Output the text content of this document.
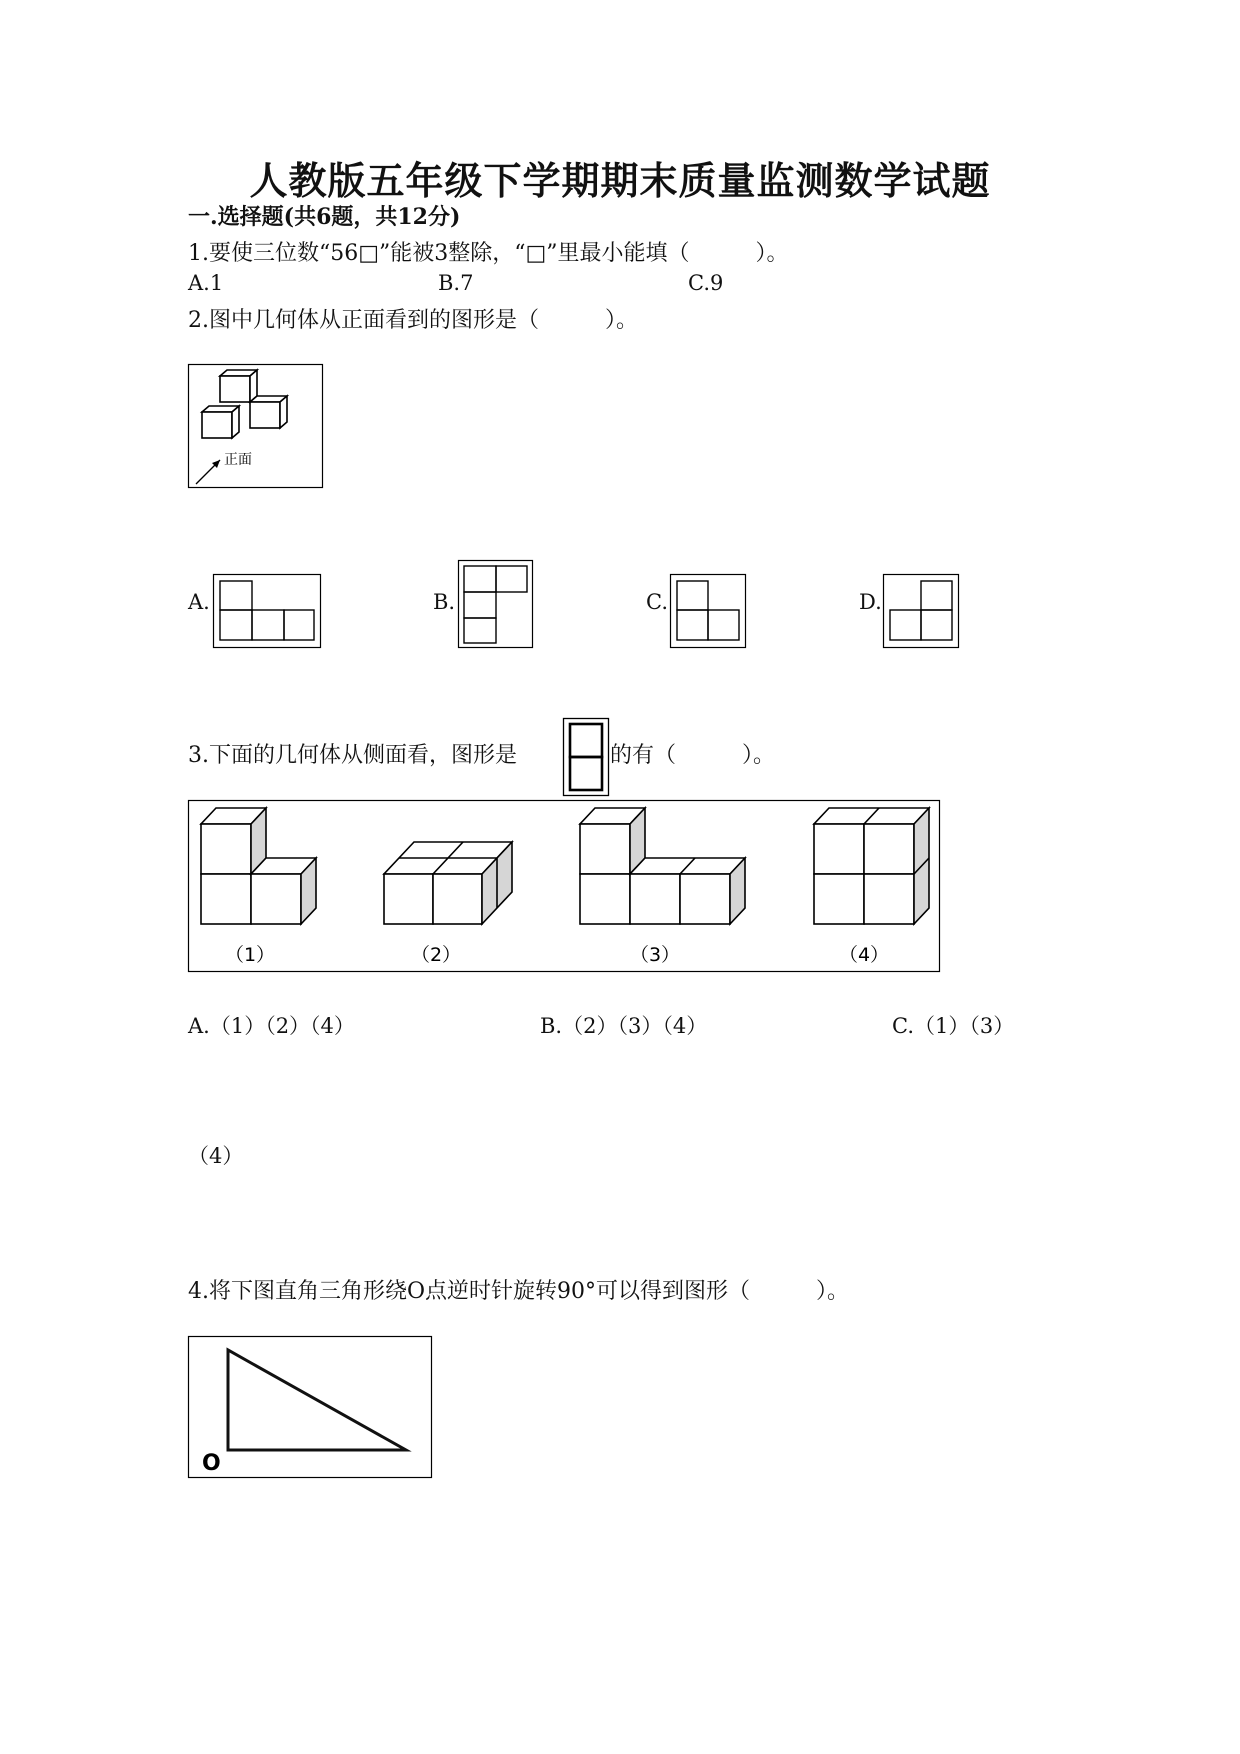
人教版五年级下学期期末质量监测数学试题
一.选择题(共6题，共12分)
1.要使三位数“56□”能被3整除，“□”里最小能填（　　　）。
A.1	B.7	C.9
2.图中几何体从正面看到的图形是（　　　）。
正面
A.	B.	C.	D.
3.下面的几何体从侧面看，图形是	的有（　　　）。
（1）	（2）	（3）	（4）
A.（1）（2）（4）	B.（2）（3）（4）	C.（1）（3）
（4）
4.将下图直角三角形绕O点逆时针旋转90°可以得到图形（　　　）。
O
